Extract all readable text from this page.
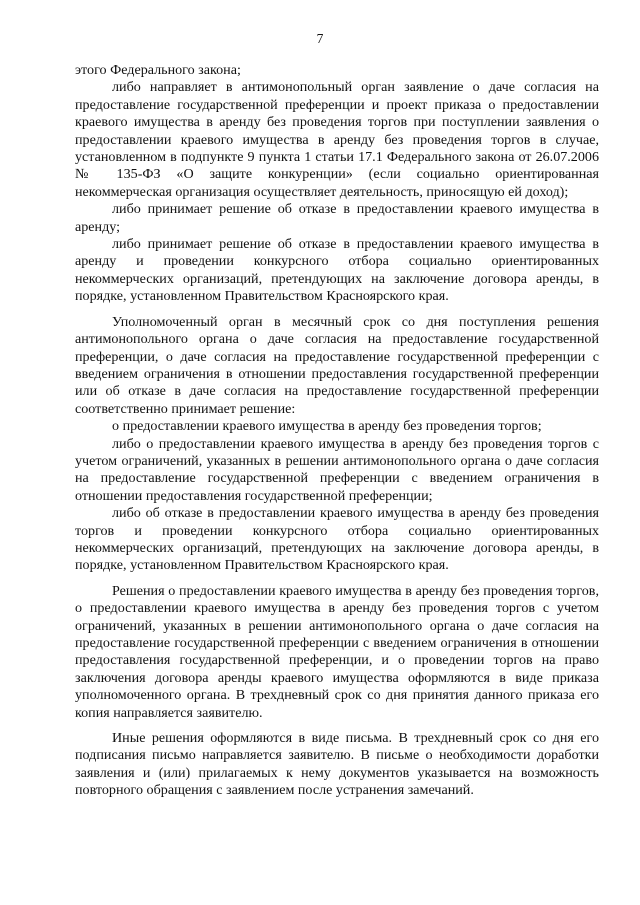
7

этого Федерального закона;

либо направляет в антимонопольный орган заявление о даче согласия на предоставление государственной преференции и проект приказа о предоставлении краевого имущества в аренду без проведения торгов при поступлении заявления о предоставлении краевого имущества в аренду без проведения торгов в случае, установленном в подпункте 9 пункта 1 статьи 17.1 Федерального закона от 26.07.2006 № 135-ФЗ «О защите конкуренции» (если социально ориентированная некоммерческая организация осуществляет деятельность, приносящую ей доход);

либо принимает решение об отказе в предоставлении краевого имущества в аренду;

либо принимает решение об отказе в предоставлении краевого имущества в аренду и проведении конкурсного отбора социально ориентированных некоммерческих организаций, претендующих на заключение договора аренды, в порядке, установленном Правительством Красноярского края.

Уполномоченный орган в месячный срок со дня поступления решения антимонопольного органа о даче согласия на предоставление государственной преференции, о даче согласия на предоставление государственной преференции с введением ограничения в отношении предоставления государственной преференции или об отказе в даче согласия на предоставление государственной преференции соответственно принимает решение:

о предоставлении краевого имущества в аренду без проведения торгов;

либо о предоставлении краевого имущества в аренду без проведения торгов с учетом ограничений, указанных в решении антимонопольного органа о даче согласия на предоставление государственной преференции с введением ограничения в отношении предоставления государственной преференции;

либо об отказе в предоставлении краевого имущества в аренду без проведения торгов и проведении конкурсного отбора социально ориентированных некоммерческих организаций, претендующих на заключение договора аренды, в порядке, установленном Правительством Красноярского края.

Решения о предоставлении краевого имущества в аренду без проведения торгов, о предоставлении краевого имущества в аренду без проведения торгов с учетом ограничений, указанных в решении антимонопольного органа о даче согласия на предоставление государственной преференции с введением ограничения в отношении предоставления государственной преференции, и о проведении торгов на право заключения договора аренды краевого имущества оформляются в виде приказа уполномоченного органа. В трехдневный срок со дня принятия данного приказа его копия направляется заявителю.

Иные решения оформляются в виде письма. В трехдневный срок со дня его подписания письмо направляется заявителю. В письме о необходимости доработки заявления и (или) прилагаемых к нему документов указывается на возможность повторного обращения с заявлением после устранения замечаний.
